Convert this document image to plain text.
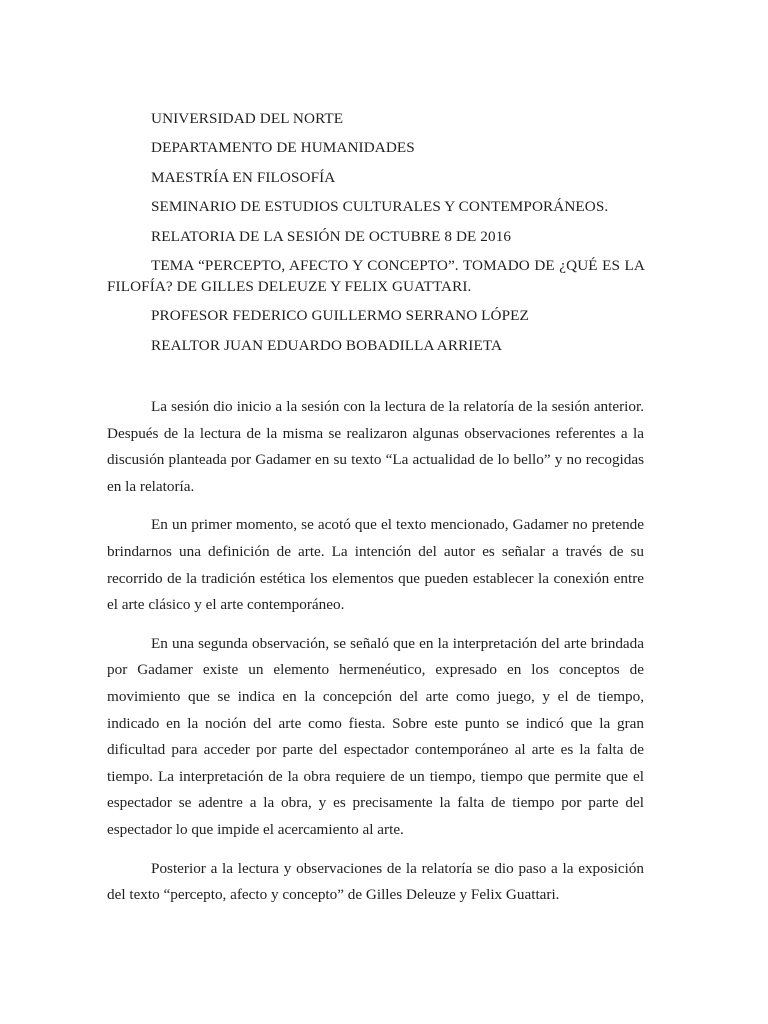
UNIVERSIDAD DEL NORTE
DEPARTAMENTO DE HUMANIDADES
MAESTRÍA EN FILOSOFÍA
SEMINARIO DE ESTUDIOS CULTURALES Y CONTEMPORÁNEOS.
RELATORIA DE LA SESIÓN DE OCTUBRE 8 DE 2016
TEMA “PERCEPTO, AFECTO Y CONCEPTO”. TOMADO DE ¿QUÉ ES LA FILOFÍA? DE GILLES DELEUZE Y FELIX GUATTARI.
PROFESOR FEDERICO GUILLERMO SERRANO LÓPEZ
REALTOR JUAN EDUARDO BOBADILLA ARRIETA

La sesión dio inicio a la sesión con la lectura de la relatoría de la sesión anterior. Después de la lectura de la misma se realizaron algunas observaciones referentes a la discusión planteada por Gadamer en su texto “La actualidad de lo bello” y no recogidas en la relatoría.

En un primer momento, se acotó que el texto mencionado, Gadamer no pretende brindarnos una definición de arte. La intención del autor es señalar a través de su recorrido de la tradición estética los elementos que pueden establecer la conexión entre el arte clásico y el arte contemporáneo.

En una segunda observación, se señaló que en la interpretación del arte brindada por Gadamer existe un elemento hermenéutico, expresado en los conceptos de movimiento que se indica en la concepción del arte como juego, y el de tiempo, indicado en la noción del arte como fiesta. Sobre este punto se indicó que la gran dificultad para acceder por parte del espectador contemporáneo al arte es la falta de tiempo. La interpretación de la obra requiere de un tiempo, tiempo que permite que el espectador se adentre a la obra, y es precisamente la falta de tiempo por parte del espectador lo que impide el acercamiento al arte.

Posterior a la lectura y observaciones de la relatoría se dio paso a la exposición del texto “percepto, afecto y concepto” de Gilles Deleuze y Felix Guattari.
